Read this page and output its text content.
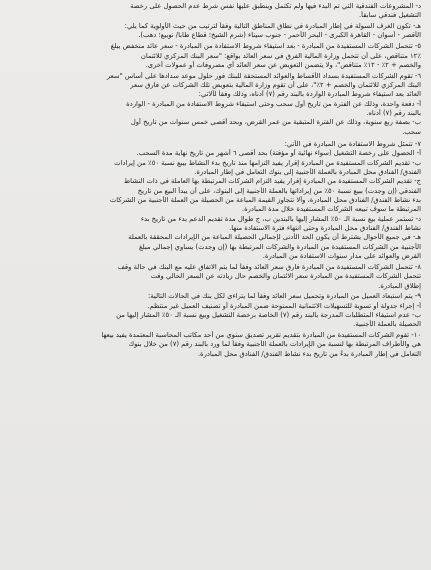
د- المشروعات الفندقية التي تم البدء فيها ولم تكتمل وينطبق عليها نفس شرط عدم الحصول على رخصة
التشغيل فندقي سابقاً.
هـ- تكون الغرف السولة في إطار المبادرة في نطاق المناطق التالية وفقاً لترتيب من حيث الأولوية كما يلي:
الأقصر - أسوان - القاهرة الكبرى - البحر الأحمر - جنوب سيناء (شرم الشيخ؛ قطاع طابا/ نويبع؛ دهب).
٥- تتحمل الشركات المستفيدة من المبادرة - بعد استيفاء شروط الاستفادة من المبادرة - سعر عائد منخفض يبلغ
٪١٢ متناقص، على أن تتحمل وزارة المالية الفرق في سعر العائد بواقع: "سعر البنك المركزي للائتمان
والخصم + ٢٪ - ١٢٪ متناقص"، ولا يتضمن التعويض عن سعر العائد أي مصروفات أو عمولات أخرى.
٦- تقوم الشركات المستفيدة بسداد الأقساط والعوائد المستحقة للبنك فور حلول موعد سدادها على أساس "سعر
البنك المركزي للائتمان والخصم + ٢٪"، على أن تقوم وزارة المالية بتعويض تلك الشركات عن فارق سعر
العائد بعد استيفاء شروط المبادرة الواردة بالبند رقم (٧) أدناه، وذلك وفقاً لآلاتي:
أ- دفعة واحدة، وذلك عن الفترة من تاريخ أول سحب وحتى استيفاء شروط الاستفادة من المبادرة - الواردة
بالبند رقم (٧) أدناه.
ب- بصفة ربع سنوية، وذلك عن الفترة المتبقية من عمر القرض، وبحد أقصى خمس سنوات من تاريخ أول
سحب.
٧- تتمثل شروط الاستفادة من المبادرة في الآتي:
أ- الحصول على رخصة التشغيل (سواء نهائية أو مؤقتة) بحد أقصى ٦ أشهر من تاريخ نهاية مدة السحب.
ب- تقديم الشركات المستفيدة من المبادرة إقرار يفيد التزامها منذ تاريخ بدء النشاط بيبع نسبة ٥٠٪ من إيرادات
الفندق/ الفنادق محل المبادرة بالعملة الأجنبية إلى بنوك التعامل في إطار المبادرة.
ج- تقديم الشركات المستفيدة من المبادرة إقرار يفيد التزام الشركات المرتبطة بها العاملة في ذات النشاط
الفندقي (إن وجدت) ببيع نسبة ٥٠٪ من إيراداتها بالعملة الأجنبية إلى البنوك، على أن يبدأ البيع من تاريخ
بدء نشاط الفندق/ الفنادق محل المبادرة، وألا تتجاوز القيمة المباعة من الحصيلة من العملة الأجنبية من الشركات
المرتبطة ما سوف تبيعه الشركات المستفيدة خلال مدة المبادرة.
د- تستمر عملية بيع نسبة الـ ٥٠٪ المشار إليها بالبندين ب، ج طوال مدة تقديم الدعم بدء من تاريخ بدء
نشاط الفندق/ الفنادق محل المبادرة وحتى انتهاء فترة الاستفادة منها.
هـ- في جميع الأحوال يشترط أن يكون الحد الأدنى لإجمالي الحصيلة المباعة من الإيرادات المحققة بالعملة
الأجنبية من الشركات المستفيدة من المبادرة والشركات المرتبطة بها (إن وجدت) يساوي إجمالي مبلغ
القرض والعوائد على مدار سنوات الاستفادة من المبادرة.
٨- تتحمل الشركات المستفيدة من المبادرة فارق سعر العائد وفقاً لما يتم الاتفاق عليه مع البنك في حالة وقف
تتحمل الشركات المستفيدة من المبادرة سعر الائتمان والخصم حال زيادته عن السعر الحالي وقت
إطلاق المبادرة.
٩- يتم استبعاد العميل من المبادرة وتحميل سعر العائد وفقاً لما يتراءى لكل بنك في الحالات التالية:
أ- إجراء جدولة أو تسوية للتسهيلات الائتمانية الممنوحة ضمن المبادرة أو تصنيف العميل غير منتظم.
ب- عدم استيفاء المتطلبات المدرجة بالبند رقم (٧) الخاصة برخصة التشغيل وبيع نسبة الـ ٥٠٪ المشار إليها من
الحصيلة بالعملة الأجنبية.
١٠- تقوم الشركات المستفيدة من المبادرة بتقديم تقرير تصديق سنوي من أحد مكاتب المحاسبة المعتمدة يفيد بيعها
هي والأطراف المرتبطة بها لنسبة من الإيرادات بالعملة الأجنبية وفقاً لما ورد بالبند رقم (٧) من خلال بنوك
التعامل في إطار المبادرة بدءً من تاريخ بدء نشاط الفندق/ الفنادق محل المبادرة.
